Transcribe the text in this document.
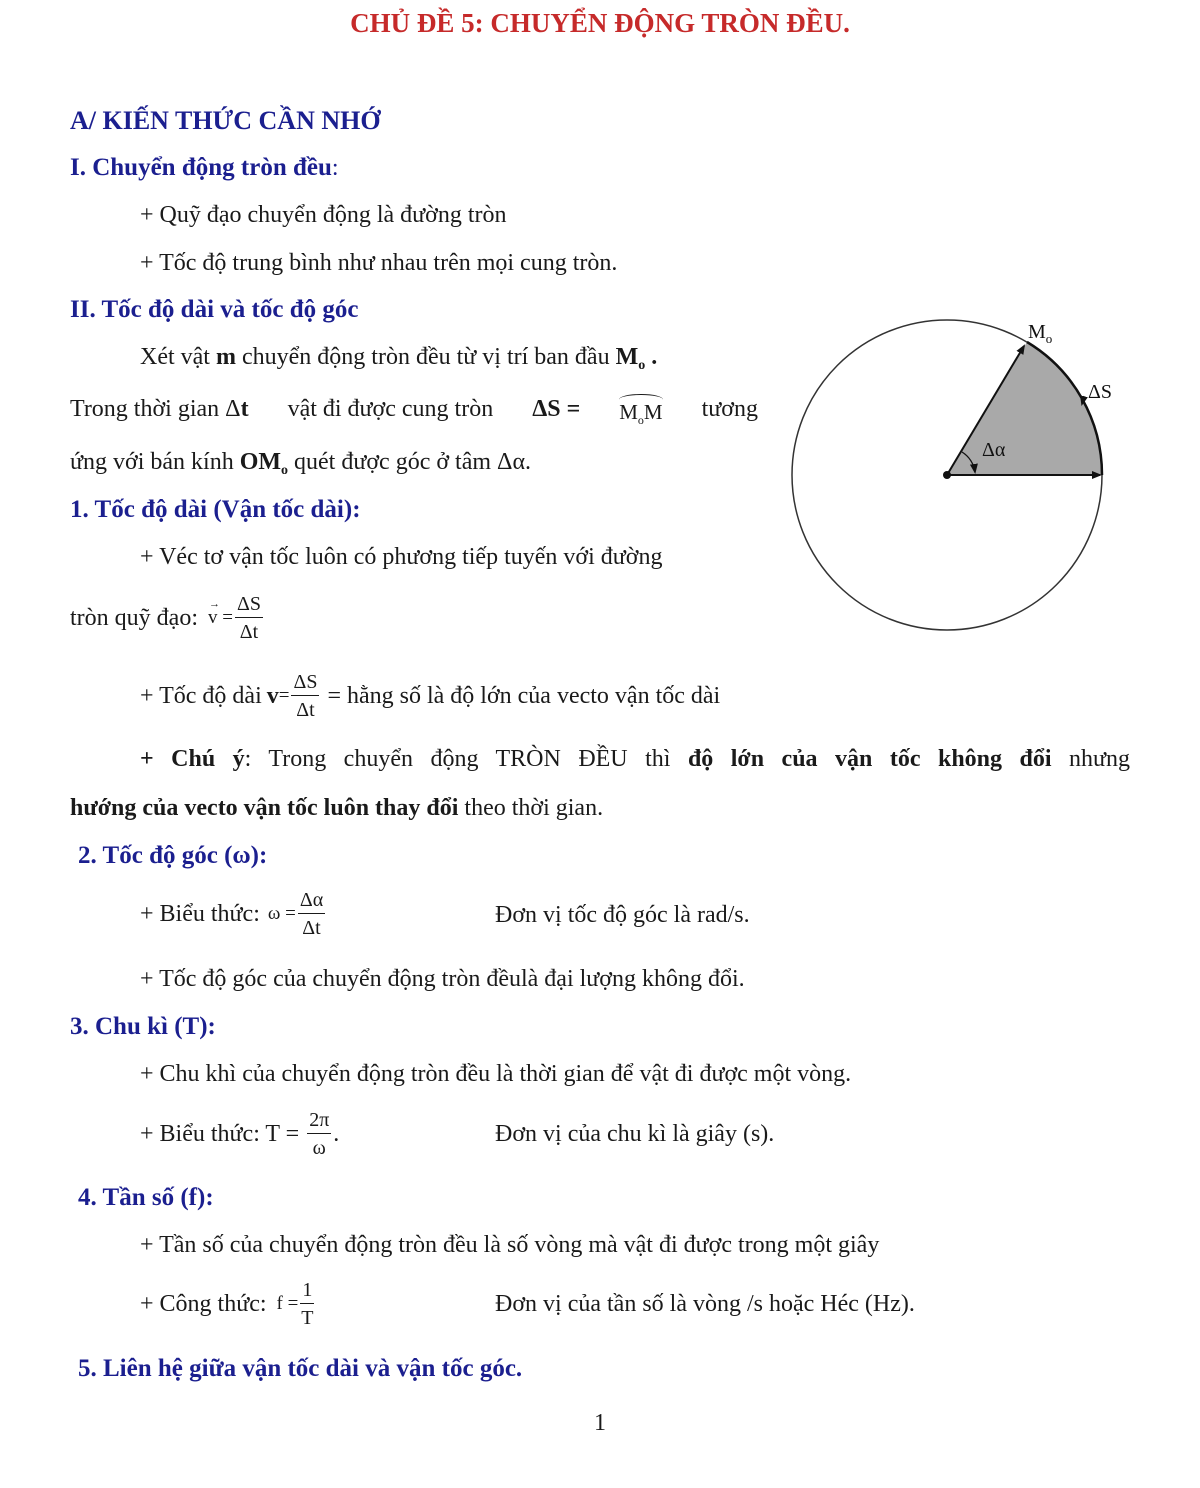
CHỦ ĐỀ 5: CHUYỂN ĐỘNG TRÒN ĐỀU.
A/ KIẾN THỨC CẦN NHỚ
I. Chuyển động tròn đều:
+ Quỹ đạo chuyển động là đường tròn
+ Tốc độ trung bình như nhau trên mọi cung tròn.
II. Tốc độ dài và tốc độ góc
Xét vật m chuyển động tròn đều từ vị trí ban đầu $M_o$ .
Trong thời gian Δt vật đi được cung tròn $\Delta S = M_oM$ tương
ứng với bán kính $OM_o$ quét được góc ở tâm Δα.
$M_o$
ΔS
Δα
1. Tốc độ dài (Vận tốc dài):
+ Véc tơ vận tốc luôn có phương tiếp tuyến với đường
tròn quỹ đạo: → $v = \frac{\Delta S}{\Delta t}$
+ Tốc độ dài $v = \frac{\Delta S}{\Delta t}$ = hằng số là độ lớn của vecto vận tốc dài
+ Chú ý: Trong chuyển động TRÒN ĐỀU thì độ lớn của vận tốc không đổi nhưng
hướng của vecto vận tốc luôn thay đổi theo thời gian.
2. Tốc độ góc (ω):
+ Biểu thức: $\omega = \frac{\Delta\alpha}{\Delta t}$	Đơn vị tốc độ góc là rad/s.
+ Tốc độ góc của chuyển động tròn đềulà đại lượng không đổi.
3. Chu kì (T):
+ Chu khì của chuyển động tròn đều là thời gian để vật đi được một vòng.
+ Biểu thức: $T = \frac{2\pi}{\omega}$ .	Đơn vị của chu kì là giây (s).
4. Tần số (f):
+ Tần số của chuyển động tròn đều là số vòng mà vật đi được trong một giây
+ Công thức: $f = \frac{1}{T}$	Đơn vị của tần số là vòng /s hoặc Héc (Hz).
5. Liên hệ giữa vận tốc dài và vận tốc góc.
1
